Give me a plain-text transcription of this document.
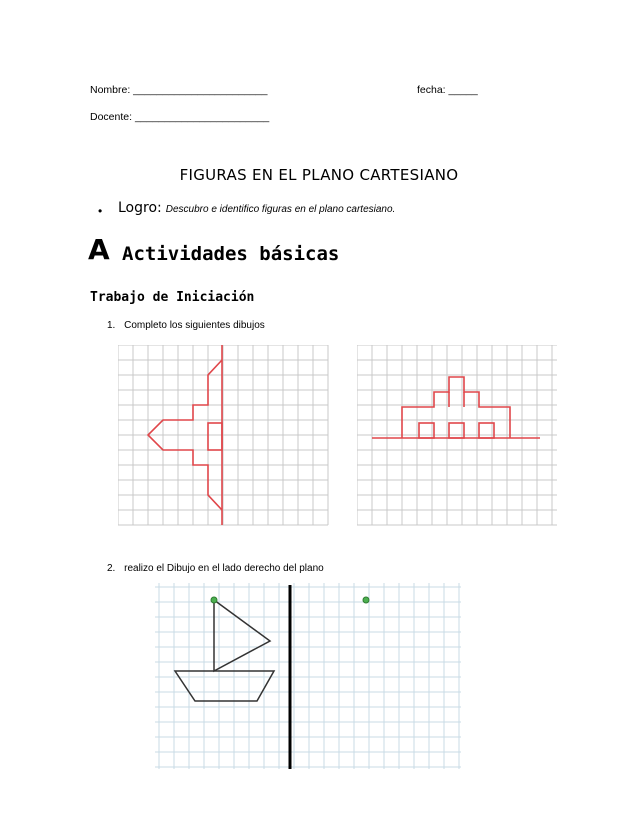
Nombre: _______________________	fecha: _____
Docente: _______________________
FIGURAS EN EL PLANO CARTESIANO
• Logro: Descubro e identifico figuras en el plano cartesiano.
A Actividades básicas
Trabajo de Iniciación
1. Completo los siguientes dibujos
2. realizo el Dibujo en el lado derecho del plano
